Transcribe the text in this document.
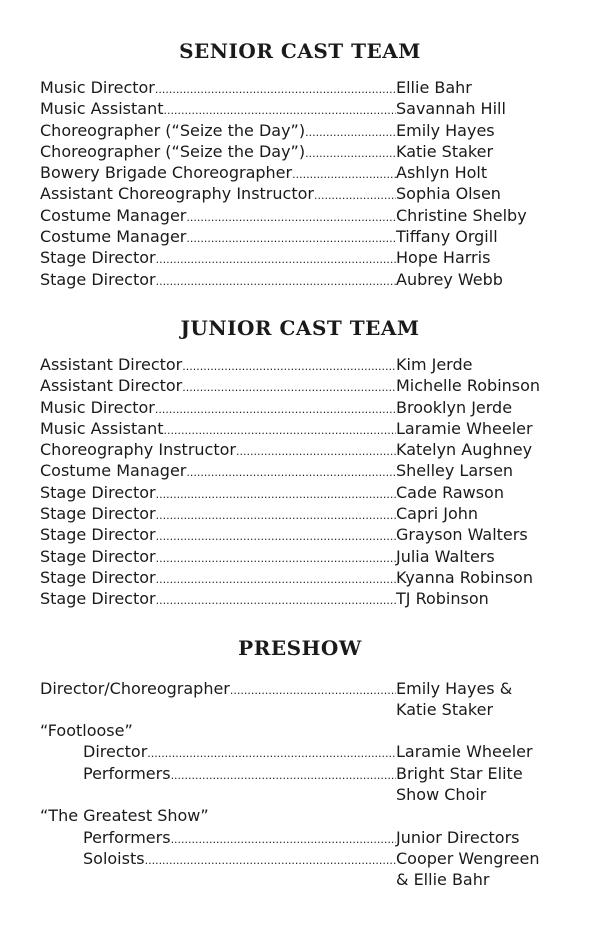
SENIOR CAST TEAM
Music Director .....	Ellie Bahr
Music Assistant .....	Savannah Hill
Choreographer (“Seize the Day”) .....	Emily Hayes
Choreographer (“Seize the Day”) .....	Katie Staker
Bowery Brigade Choreographer .....	Ashlyn Holt
Assistant Choreography Instructor .....	Sophia Olsen
Costume Manager .....	Christine Shelby
Costume Manager .....	Tiffany Orgill
Stage Director .....	Hope Harris
Stage Director .....	Aubrey Webb
JUNIOR CAST TEAM
Assistant Director .....	Kim Jerde
Assistant Director .....	Michelle Robinson
Music Director .....	Brooklyn Jerde
Music Assistant .....	Laramie Wheeler
Choreography Instructor .....	Katelyn Aughney
Costume Manager .....	Shelley Larsen
Stage Director .....	Cade Rawson
Stage Director .....	Capri John
Stage Director .....	Grayson Walters
Stage Director .....	Julia Walters
Stage Director .....	Kyanna Robinson
Stage Director .....	TJ Robinson
PRESHOW
Director/Choreographer .....	Emily Hayes &
Katie Staker
“Footloose”
Director .....	Laramie Wheeler
Performers .....	Bright Star Elite
Show Choir
“The Greatest Show”
Performers .....	Junior Directors
Soloists .....	Cooper Wengreen
& Ellie Bahr
